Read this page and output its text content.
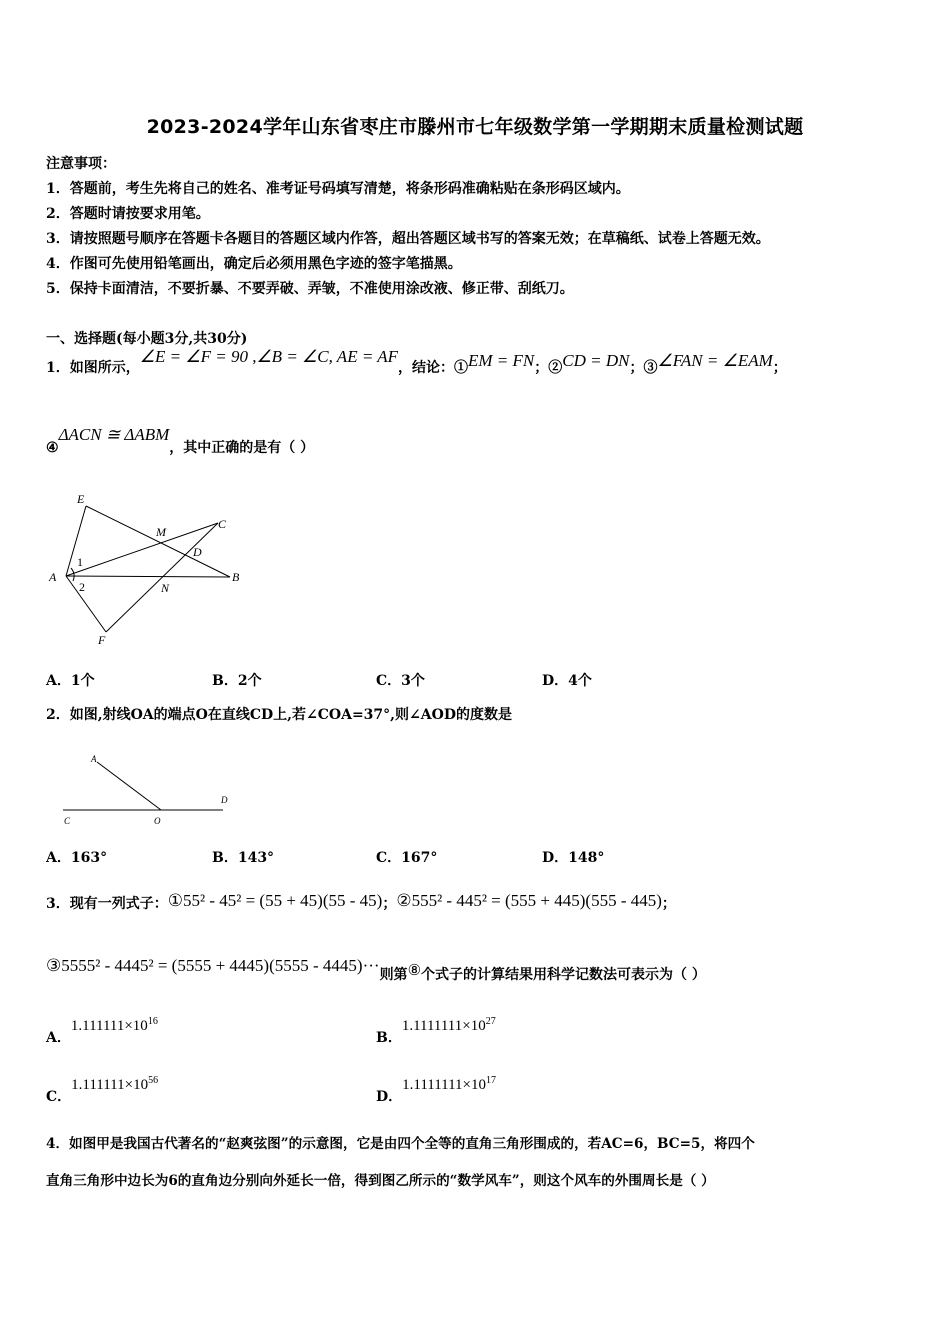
2023-2024学年山东省枣庄市滕州市七年级数学第一学期期末质量检测试题
注意事项：
1．答题前，考生先将自己的姓名、准考证号码填写清楚，将条形码准确粘贴在条形码区域内。
2．答题时请按要求用笔。
3．请按照题号顺序在答题卡各题目的答题区域内作答，超出答题区域书写的答案无效；在草稿纸、试卷上答题无效。
4．作图可先使用铅笔画出，确定后必须用黑色字迹的签字笔描黑。
5．保持卡面清洁，不要折暴、不要弄破、弄皱，不准使用涂改液、修正带、刮纸刀。
一、选择题(每小题3分,共30分)
1．如图所示，∠E = ∠F = 90 ,∠B = ∠C, AE = AF，结论：①EM = FN；②CD = DN；③∠FAN = ∠EAM；
④ΔACN ≅ ΔABM，其中正确的是有（ ）
E
M
C
D
1
A
2	N
B
F
A．1个	B．2个	C．3个	D．4个
2．如图,射线OA的端点O在直线CD上,若∠COA=37°,则∠AOD的度数是
A
D
C	O
A．163°	B．143°	C．167°	D．148°
3．现有一列式子：①55² - 45² = (55 + 45)(55 - 45)；②555² - 445² = (555 + 445)(555 - 445)；
③5555² - 4445² = (5555 + 4445)(5555 - 4445)···则第⑧个式子的计算结果用科学记数法可表示为（ ）
A．$1.111111\times 10^{16}$
B．$1.1111111\times 10^{27}$
C．$1.111111\times 10^{56}$
D．$1.1111111\times 10^{17}$
4．如图甲是我国古代著名的“赵爽弦图”的示意图，它是由四个全等的直角三角形围成的，若AC=6，BC=5，将四个
直角三角形中边长为6的直角边分别向外延长一倍，得到图乙所示的“数学风车”，则这个风车的外围周长是（ ）
